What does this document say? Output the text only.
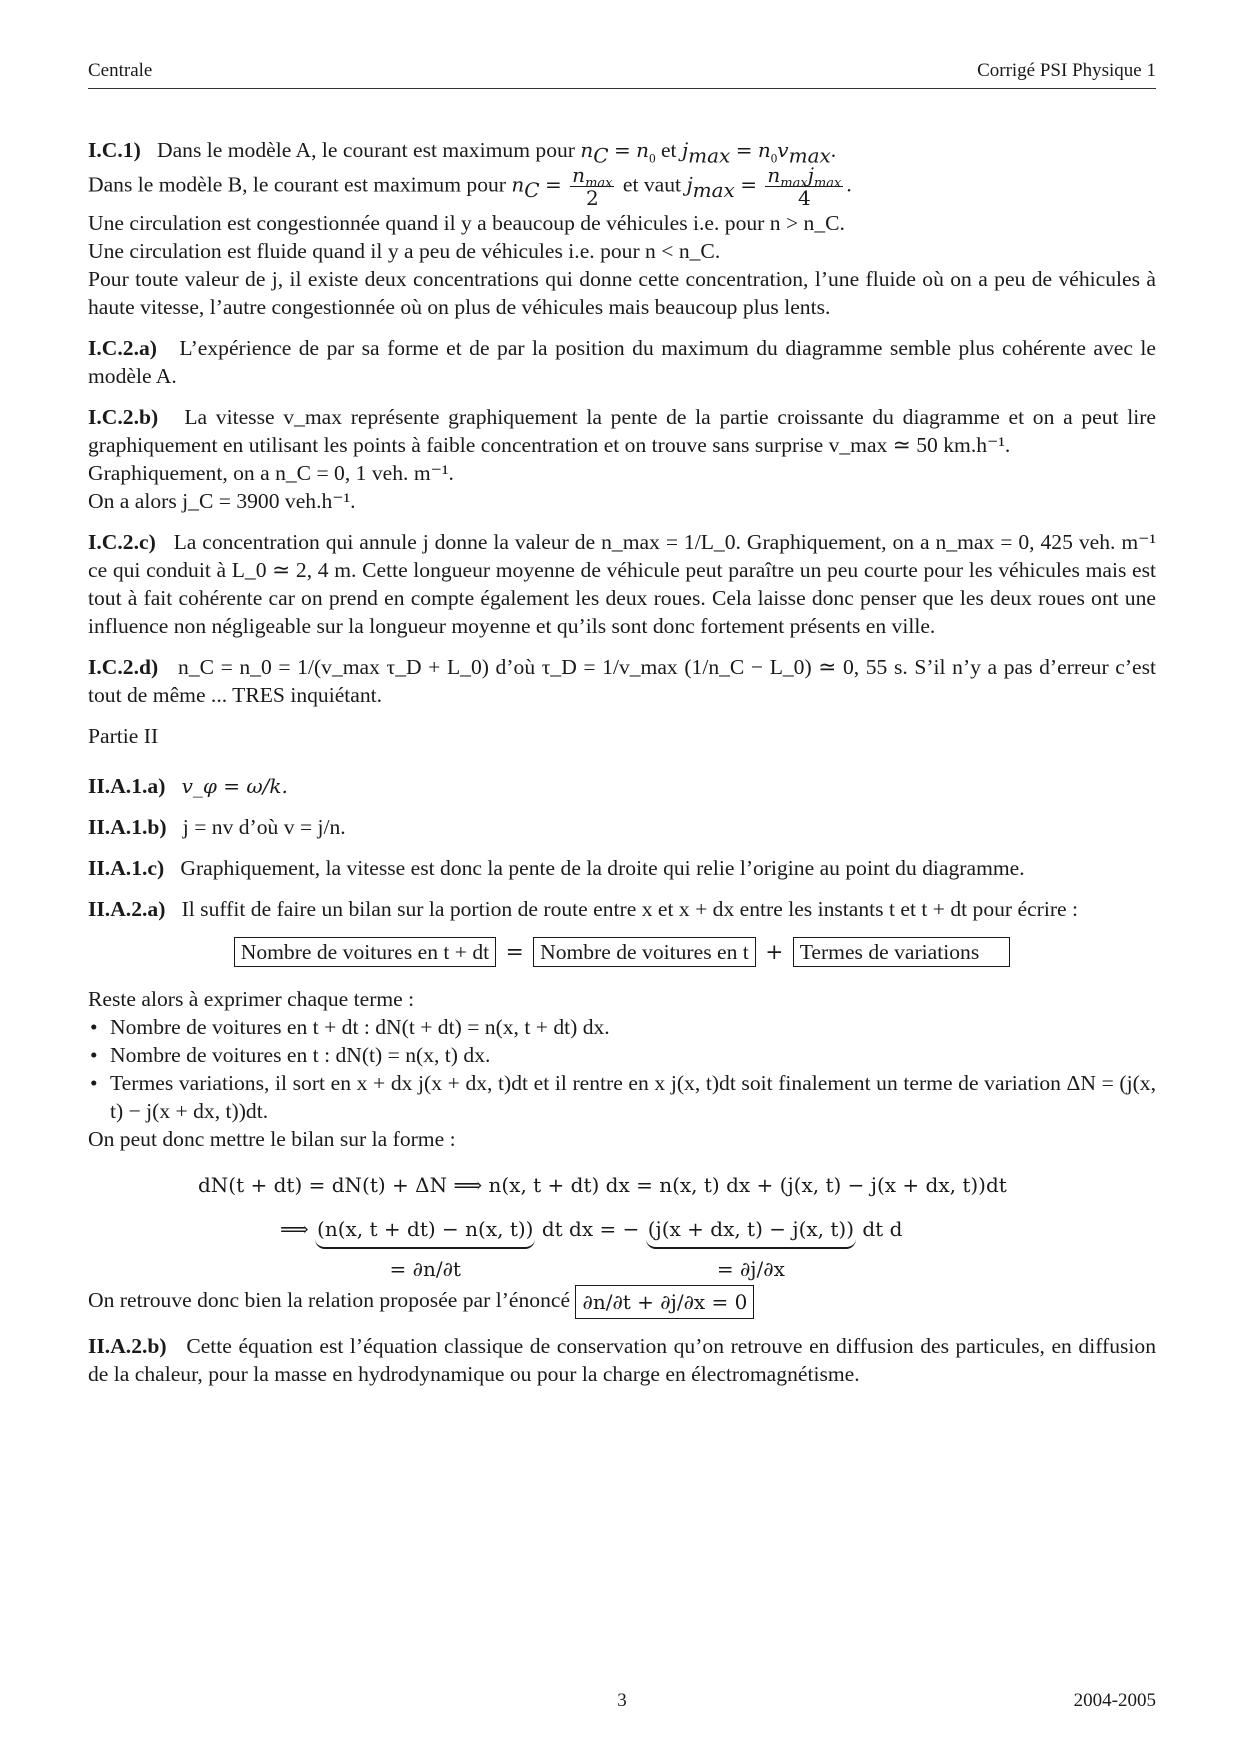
Centrale	Corrigé PSI Physique 1

I.C.1) Dans le modèle A, le courant est maximum pour $n_C = n_0$ et $j_{max} = n_0v_{max}$.

Dans le modèle B, le courant est maximum pour $n_C = \frac{n_{max}}{2}$ et vaut $j_{max} = \frac{n_{max}j_{max}}{4}$ .

Une circulation est congestionnée quand il y a beaucoup de véhicules i.e. pour n > n_C.

Une circulation est fluide quand il y a peu de véhicules i.e. pour n < n_C.

Pour toute valeur de j, il existe deux concentrations qui donne cette concentration, l’une fluide où on a peu de véhicules à haute vitesse, l’autre congestionnée où on plus de véhicules mais beaucoup plus lents.

I.C.2.a) L’expérience de par sa forme et de par la position du maximum du diagramme semble plus cohérente avec le modèle A.

I.C.2.b) La vitesse v_max représente graphiquement la pente de la partie croissante du diagramme et on a peut lire graphiquement en utilisant les points à faible concentration et on trouve sans surprise v_max ≃ 50 km.h⁻¹.

Graphiquement, on a n_C = 0, 1 veh. m⁻¹.

On a alors j_C = 3900 veh.h⁻¹.

I.C.2.c) La concentration qui annule j donne la valeur de n_max = 1/L_0. Graphiquement, on a n_max = 0, 425 veh. m⁻¹ ce qui conduit à L_0 ≃ 2, 4 m. Cette longueur moyenne de véhicule peut paraître un peu courte pour les véhicules mais est tout à fait cohérente car on prend en compte également les deux roues. Cela laisse donc penser que les deux roues ont une influence non négligeable sur la longueur moyenne et qu’ils sont donc fortement présents en ville.

I.C.2.d) n_C = n_0 = 1/(v_max τ_D + L_0) d’où τ_D = 1/v_max (1/n_C − L_0) ≃ 0, 55 s. S’il n’y a pas d’erreur c’est tout de même ... TRES inquiétant.

Partie II

II.A.1.a) v_φ = ω/k.

II.A.1.b) j = nv d’où v = j/n.

II.A.1.c) Graphiquement, la vitesse est donc la pente de la droite qui relie l’origine au point du diagramme.

II.A.2.a) Il suffit de faire un bilan sur la portion de route entre x et x + dx entre les instants t et t + dt pour écrire :

Nombre de voitures en t + dt = Nombre de voitures en t + Termes de variations

Reste alors à exprimer chaque terme :

• Nombre de voitures en t + dt : dN(t + dt) = n(x, t + dt) dx.
• Nombre de voitures en t : dN(t) = n(x, t) dx.
• Termes variations, il sort en x + dx j(x + dx, t)dt et il rentre en x j(x, t)dt soit finalement un terme de variation ΔN = (j(x, t) − j(x + dx, t))dt.

On peut donc mettre le bilan sur la forme :

dN(t + dt) = dN(t) + ΔN ⟹ n(x, t + dt) dx = n(x, t) dx + (j(x, t) − j(x + dx, t))dt
⟹ (n(x, t + dt) − n(x, t))
= ∂n/∂t
dt dx = − (j(x + dx, t) − j(x, t))
= ∂j/∂x
dt d

On retrouve donc bien la relation proposée par l’énoncé ∂n/∂t + ∂j/∂x = 0

II.A.2.b) Cette équation est l’équation classique de conservation qu’on retrouve en diffusion des particules, en diffusion de la chaleur, pour la masse en hydrodynamique ou pour la charge en électromagnétisme.

3	2004-2005
